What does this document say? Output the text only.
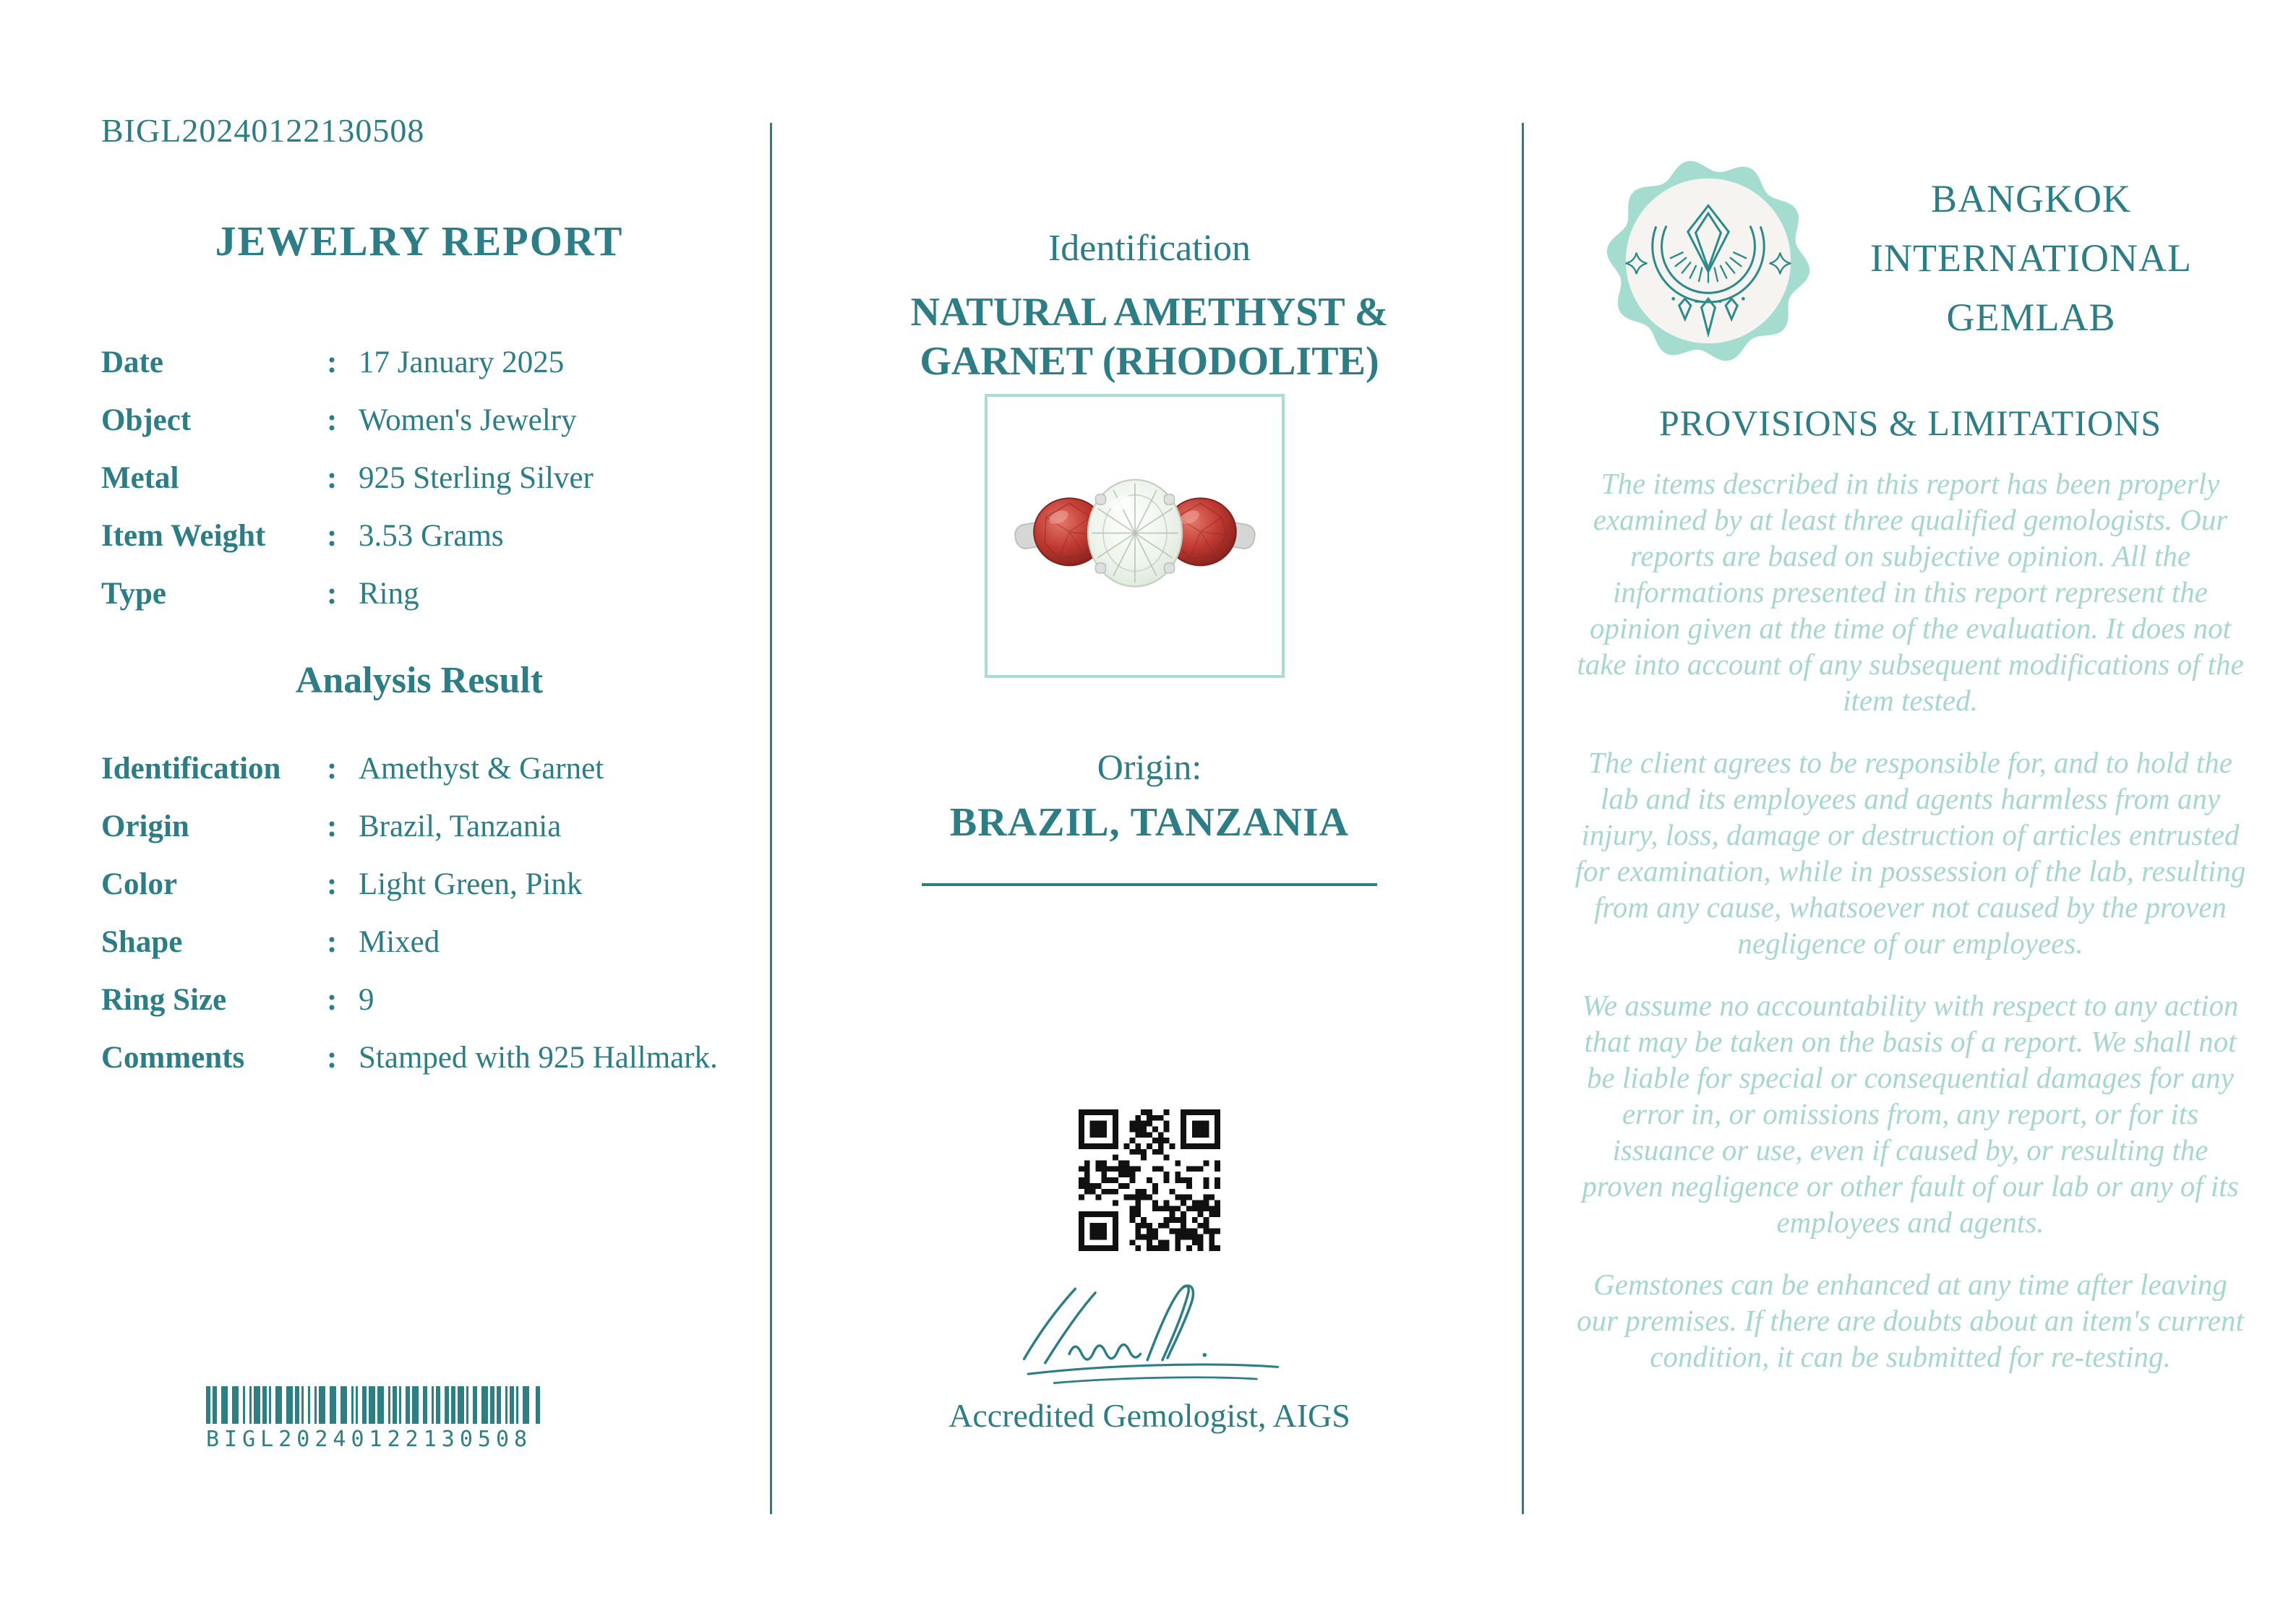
BIGL20240122130508
JEWELRY REPORT
Date	: 17 January 2025
Object	: Women's Jewelry
Metal	: 925 Sterling Silver
Item Weight	: 3.53 Grams
Type	: Ring
Analysis Result
Identification	: Amethyst & Garnet
Origin	: Brazil, Tanzania
Color	: Light Green, Pink
Shape	: Mixed
Ring Size	: 9
Comments	: Stamped with 925 Hallmark.
BIGL20240122130508
Identification
NATURAL AMETHYST & GARNET (RHODOLITE)
Origin:
BRAZIL, TANZANIA
Accredited Gemologist, AIGS
BANGKOK
INTERNATIONAL
GEMLAB
PROVISIONS & LIMITATIONS

The items described in this report has been properly examined by at least three qualified gemologists. Our reports are based on subjective opinion. All the informations presented in this report represent the opinion given at the time of the evaluation. It does not take into account of any subsequent modifications of the item tested.

The client agrees to be responsible for, and to hold the lab and its employees and agents harmless from any injury, loss, damage or destruction of articles entrusted for examination, while in possession of the lab, resulting from any cause, whatsoever not caused by the proven negligence of our employees.

We assume no accountability with respect to any action that may be taken on the basis of a report. We shall not be liable for special or consequential damages for any error in, or omissions from, any report, or for its issuance or use, even if caused by, or resulting the proven negligence or other fault of our lab or any of its employees and agents.

Gemstones can be enhanced at any time after leaving our premises. If there are doubts about an item's current condition, it can be submitted for re-testing.
